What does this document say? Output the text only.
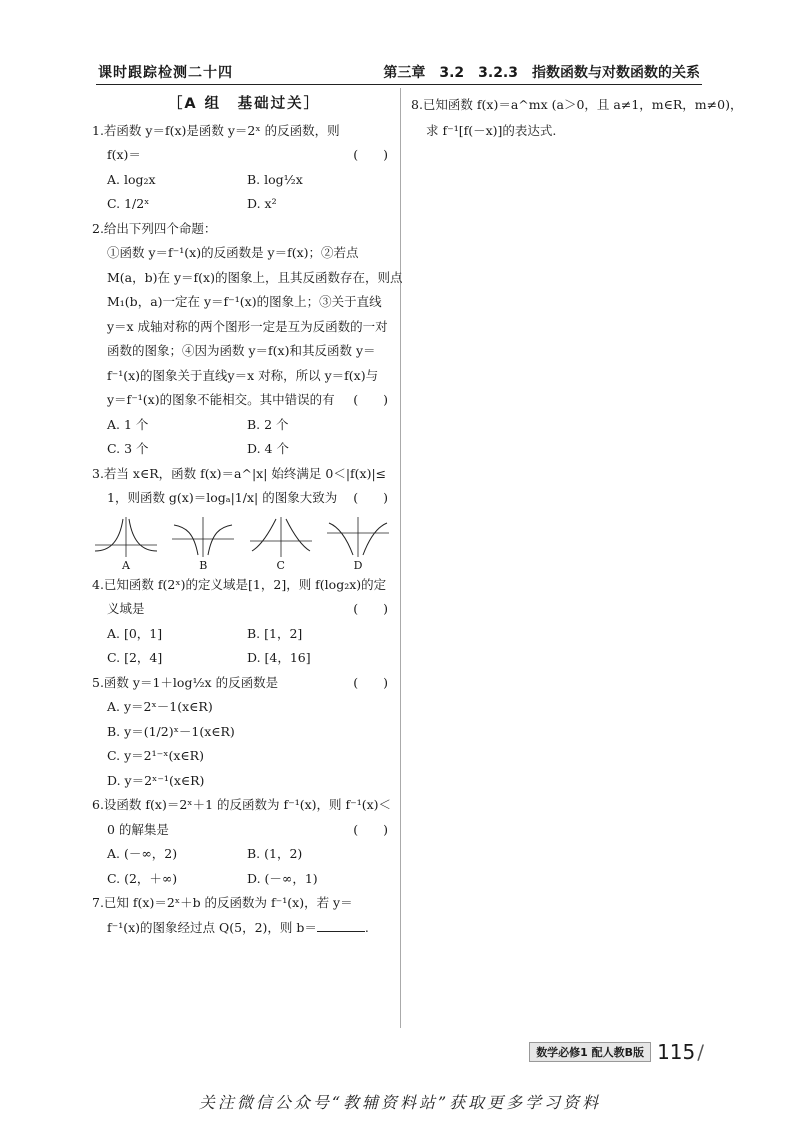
课时跟踪检测二十四	第三章　3.2　3.2.3　指数函数与对数函数的关系
［A 组　基础过关］
1.若函数 y＝f(x)是函数 y＝2ˣ 的反函数，则
f(x)＝	(　　)
A. log₂x	B. log½x
C. 1/2ˣ	D. x²
2.给出下列四个命题：
①函数 y＝f⁻¹(x)的反函数是 y＝f(x)；②若点
M(a，b)在 y＝f(x)的图象上，且其反函数存在，则点
M₁(b，a)一定在 y＝f⁻¹(x)的图象上；③关于直线
y＝x 成轴对称的两个图形一定是互为反函数的一对
函数的图象；④因为函数 y＝f(x)和其反函数 y＝
f⁻¹(x)的图象关于直线y＝x 对称，所以 y＝f(x)与
y＝f⁻¹(x)的图象不能相交。其中错误的有 (　　)
A. 1 个	B. 2 个
C. 3 个	D. 4 个
3.若当 x∈R，函数 f(x)＝a^|x| 始终满足 0＜|f(x)|≤
1，则函数 g(x)＝logₐ|1/x| 的图象大致为 (　　)
A	B	C	D
4.已知函数 f(2ˣ)的定义域是[1，2]，则 f(log₂x)的定
义域是	(　　)
A. [0，1]	B. [1，2]
C. [2，4]	D. [4，16]
5.函数 y＝1＋log½x 的反函数是	(　　)
A. y＝2ˣ－1(x∈R)
B. y＝(1/2)ˣ－1(x∈R)
C. y＝2¹⁻ˣ(x∈R)
D. y＝2ˣ⁻¹(x∈R)
6.设函数 f(x)＝2ˣ＋1 的反函数为 f⁻¹(x)，则 f⁻¹(x)＜
0 的解集是	(　　)
A. (－∞，2)	B. (1，2)
C. (2，＋∞)	D. (－∞，1)
7.已知 f(x)＝2ˣ＋b 的反函数为 f⁻¹(x)，若 y＝
f⁻¹(x)的图象经过点 Q(5，2)，则 b＝	.
8.已知函数 f(x)＝a^mx (a＞0，且 a≠1，m∈R，m≠0)，
求 f⁻¹[f(－x)]的表达式.
数学必修1 配人教B版 115 /
关注微信公众号“教辅资料站”获取更多学习资料
